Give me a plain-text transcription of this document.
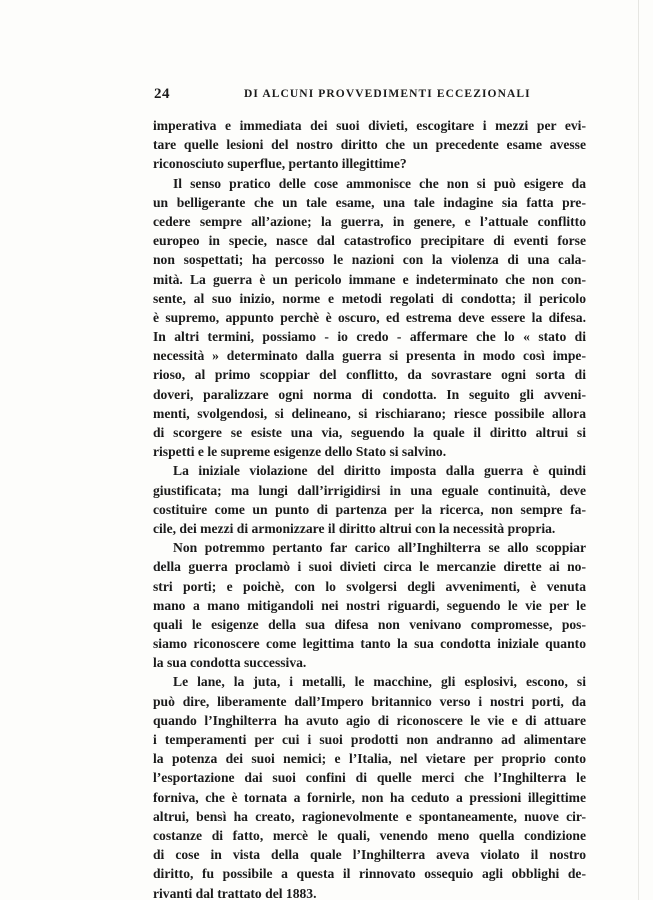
24	DI ALCUNI PROVVEDIMENTI ECCEZIONALI
imperativa e immediata dei suoi divieti, escogitare i mezzi per evi-
tare quelle lesioni del nostro diritto che un precedente esame avesse
riconosciuto superflue, pertanto illegittime?
Il senso pratico delle cose ammonisce che non si può esigere da
un belligerante che un tale esame, una tale indagine sia fatta pre-
cedere sempre all’azione; la guerra, in genere, e l’attuale conflitto
europeo in specie, nasce dal catastrofico precipitare di eventi forse
non sospettati; ha percosso le nazioni con la violenza di una cala-
mità. La guerra è un pericolo immane e indeterminato che non con-
sente, al suo inizio, norme e metodi regolati di condotta; il pericolo
è supremo, appunto perchè è oscuro, ed estrema deve essere la difesa.
In altri termini, possiamo - io credo - affermare che lo « stato di
necessità » determinato dalla guerra si presenta in modo così impe-
rioso, al primo scoppiar del conflitto, da sovrastare ogni sorta di
doveri, paralizzare ogni norma di condotta. In seguito gli avveni-
menti, svolgendosi, si delineano, si rischiarano; riesce possibile allora
di scorgere se esiste una via, seguendo la quale il diritto altrui si
rispetti e le supreme esigenze dello Stato si salvino.
La iniziale violazione del diritto imposta dalla guerra è quindi
giustificata; ma lungi dall’irrigidirsi in una eguale continuità, deve
costituire come un punto di partenza per la ricerca, non sempre fa-
cile, dei mezzi di armonizzare il diritto altrui con la necessità propria.
Non potremmo pertanto far carico all’Inghilterra se allo scoppiar
della guerra proclamò i suoi divieti circa le mercanzie dirette ai no-
stri porti; e poichè, con lo svolgersi degli avvenimenti, è venuta
mano a mano mitigandoli nei nostri riguardi, seguendo le vie per le
quali le esigenze della sua difesa non venivano compromesse, pos-
siamo riconoscere come legittima tanto la sua condotta iniziale quanto
la sua condotta successiva.
Le lane, la juta, i metalli, le macchine, gli esplosivi, escono, si
può dire, liberamente dall’Impero britannico verso i nostri porti, da
quando l’Inghilterra ha avuto agio di riconoscere le vie e di attuare
i temperamenti per cui i suoi prodotti non andranno ad alimentare
la potenza dei suoi nemici; e l’Italia, nel vietare per proprio conto
l’esportazione dai suoi confini di quelle merci che l’Inghilterra le
forniva, che è tornata a fornirle, non ha ceduto a pressioni illegittime
altrui, bensì ha creato, ragionevolmente e spontaneamente, nuove cir-
costanze di fatto, mercè le quali, venendo meno quella condizione
di cose in vista della quale l’Inghilterra aveva violato il nostro
diritto, fu possibile a questa il rinnovato ossequio agli obblighi de-
rivanti dal trattato del 1883.
